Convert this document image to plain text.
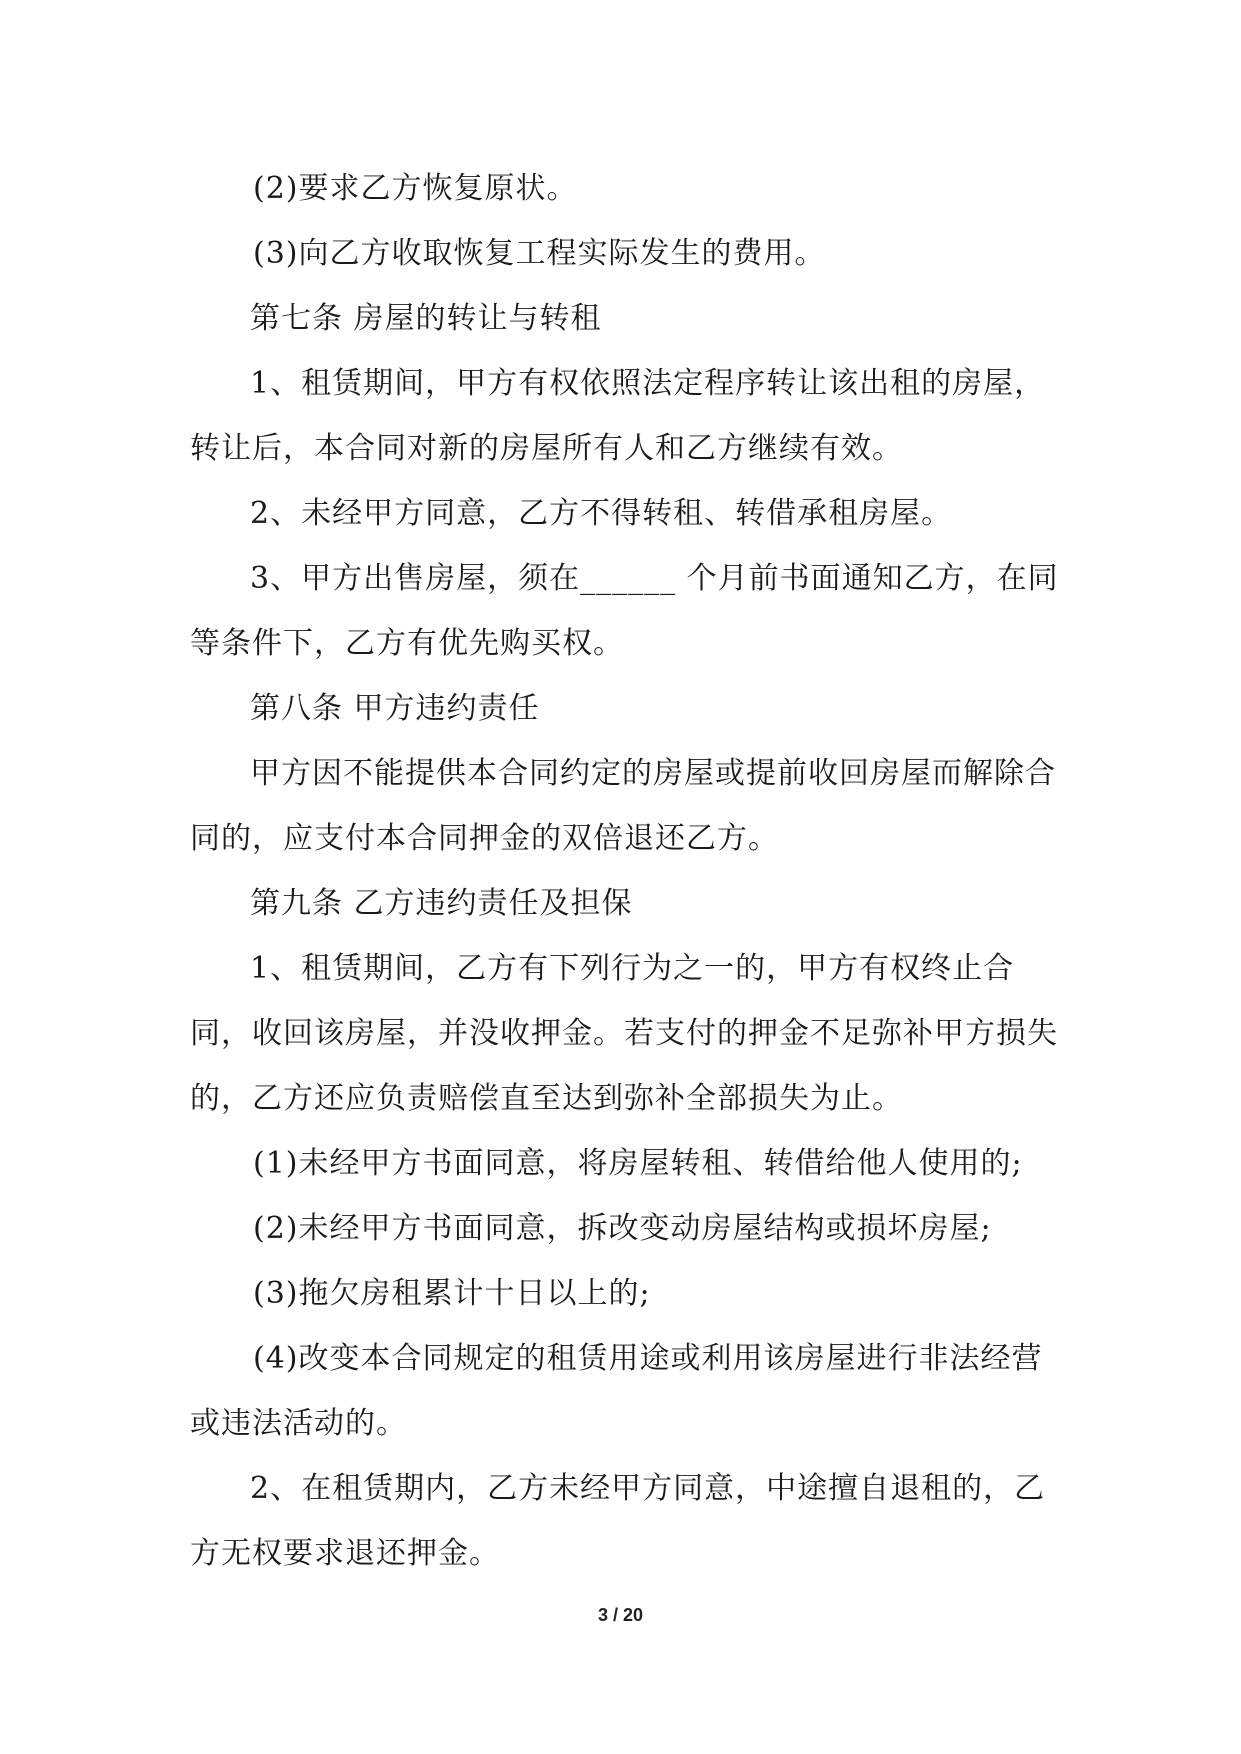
(2)要求乙方恢复原状。

(3)向乙方收取恢复工程实际发生的费用。

第七条 房屋的转让与转租

1、租赁期间，甲方有权依照法定程序转让该出租的房屋，转让后，本合同对新的房屋所有人和乙方继续有效。

2、未经甲方同意，乙方不得转租、转借承租房屋。

3、甲方出售房屋，须在______ 个月前书面通知乙方，在同等条件下，乙方有优先购买权。

第八条 甲方违约责任

甲方因不能提供本合同约定的房屋或提前收回房屋而解除合同的，应支付本合同押金的双倍退还乙方。

第九条 乙方违约责任及担保

1、租赁期间，乙方有下列行为之一的，甲方有权终止合同，收回该房屋，并没收押金。若支付的押金不足弥补甲方损失的，乙方还应负责赔偿直至达到弥补全部损失为止。

(1)未经甲方书面同意，将房屋转租、转借给他人使用的;

(2)未经甲方书面同意，拆改变动房屋结构或损坏房屋;

(3)拖欠房租累计十日以上的;

(4)改变本合同规定的租赁用途或利用该房屋进行非法经营或违法活动的。

2、在租赁期内，乙方未经甲方同意，中途擅自退租的，乙方无权要求退还押金。

3 / 20
